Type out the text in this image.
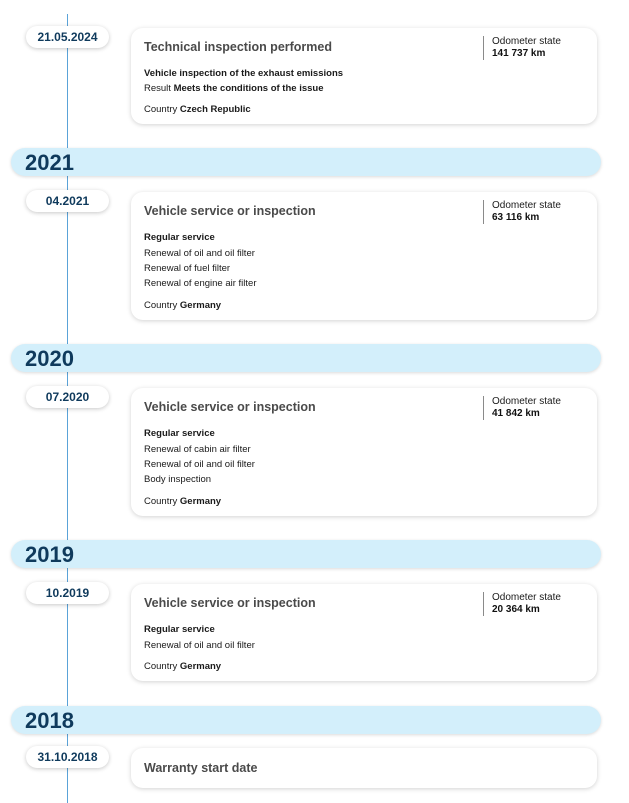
21.05.2024
Technical inspection performed	Odometer state
141 737 km
Vehicle inspection of the exhaust emissions
Result Meets the conditions of the issue
Country Czech Republic
2021
04.2021
Vehicle service or inspection	Odometer state
63 116 km
Regular service
Renewal of oil and oil filter
Renewal of fuel filter
Renewal of engine air filter
Country Germany
2020
07.2020
Vehicle service or inspection	Odometer state
41 842 km
Regular service
Renewal of cabin air filter
Renewal of oil and oil filter
Body inspection
Country Germany
2019
10.2019
Vehicle service or inspection	Odometer state
20 364 km
Regular service
Renewal of oil and oil filter
Country Germany
2018
31.10.2018
Warranty start date
